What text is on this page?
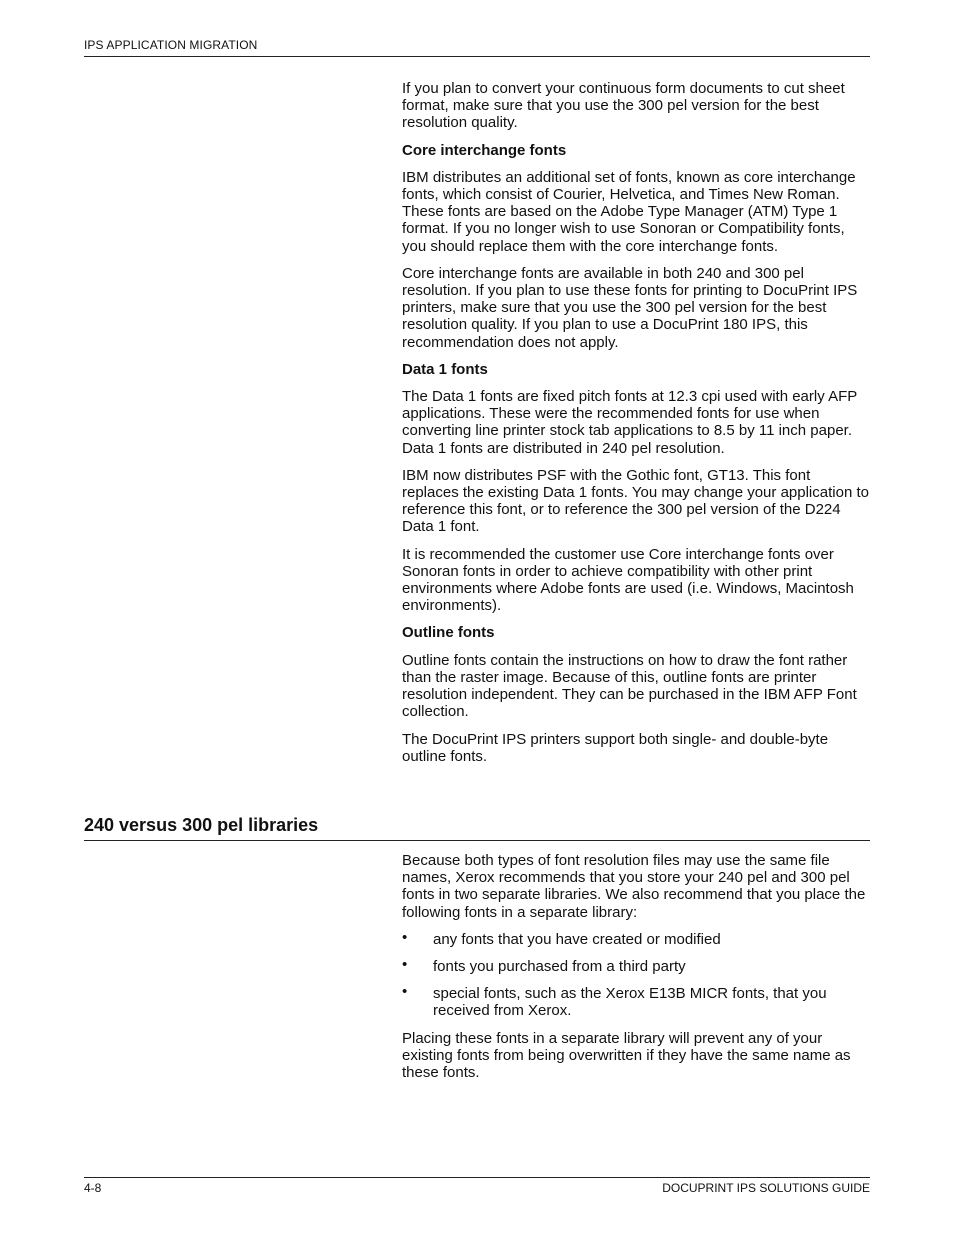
IPS APPLICATION MIGRATION

If you plan to convert your continuous form documents to cut sheet format, make sure that you use the 300 pel version for the best resolution quality.

Core interchange fonts

IBM distributes an additional set of fonts, known as core interchange fonts, which consist of Courier, Helvetica, and Times New Roman. These fonts are based on the Adobe Type Manager (ATM) Type 1 format. If you no longer wish to use Sonoran or Compatibility fonts, you should replace them with the core interchange fonts.

Core interchange fonts are available in both 240 and 300 pel resolution. If you plan to use these fonts for printing to DocuPrint IPS printers, make sure that you use the 300 pel version for the best resolution quality. If you plan to use a DocuPrint 180 IPS, this recommendation does not apply.

Data 1 fonts

The Data 1 fonts are fixed pitch fonts at 12.3 cpi used with early AFP applications. These were the recommended fonts for use when converting line printer stock tab applications to 8.5 by 11 inch paper. Data 1 fonts are distributed in 240 pel resolution.

IBM now distributes PSF with the Gothic font, GT13. This font replaces the existing Data 1 fonts. You may change your application to reference this font, or to reference the 300 pel version of the D224 Data 1 font.

It is recommended the customer use Core interchange fonts over Sonoran fonts in order to achieve compatibility with other print environments where Adobe fonts are used (i.e. Windows, Macintosh environments).

Outline fonts

Outline fonts contain the instructions on how to draw the font rather than the raster image. Because of this, outline fonts are printer resolution independent. They can be purchased in the IBM AFP Font collection.

The DocuPrint IPS printers support both single- and double-byte outline fonts.

240 versus 300 pel libraries

Because both types of font resolution files may use the same file names, Xerox recommends that you store your 240 pel and 300 pel fonts in two separate libraries. We also recommend that you place the following fonts in a separate library:

• any fonts that you have created or modified
• fonts you purchased from a third party
• special fonts, such as the Xerox E13B MICR fonts, that you received from Xerox.

Placing these fonts in a separate library will prevent any of your existing fonts from being overwritten if they have the same name as these fonts.

4-8	DOCUPRINT IPS SOLUTIONS GUIDE
